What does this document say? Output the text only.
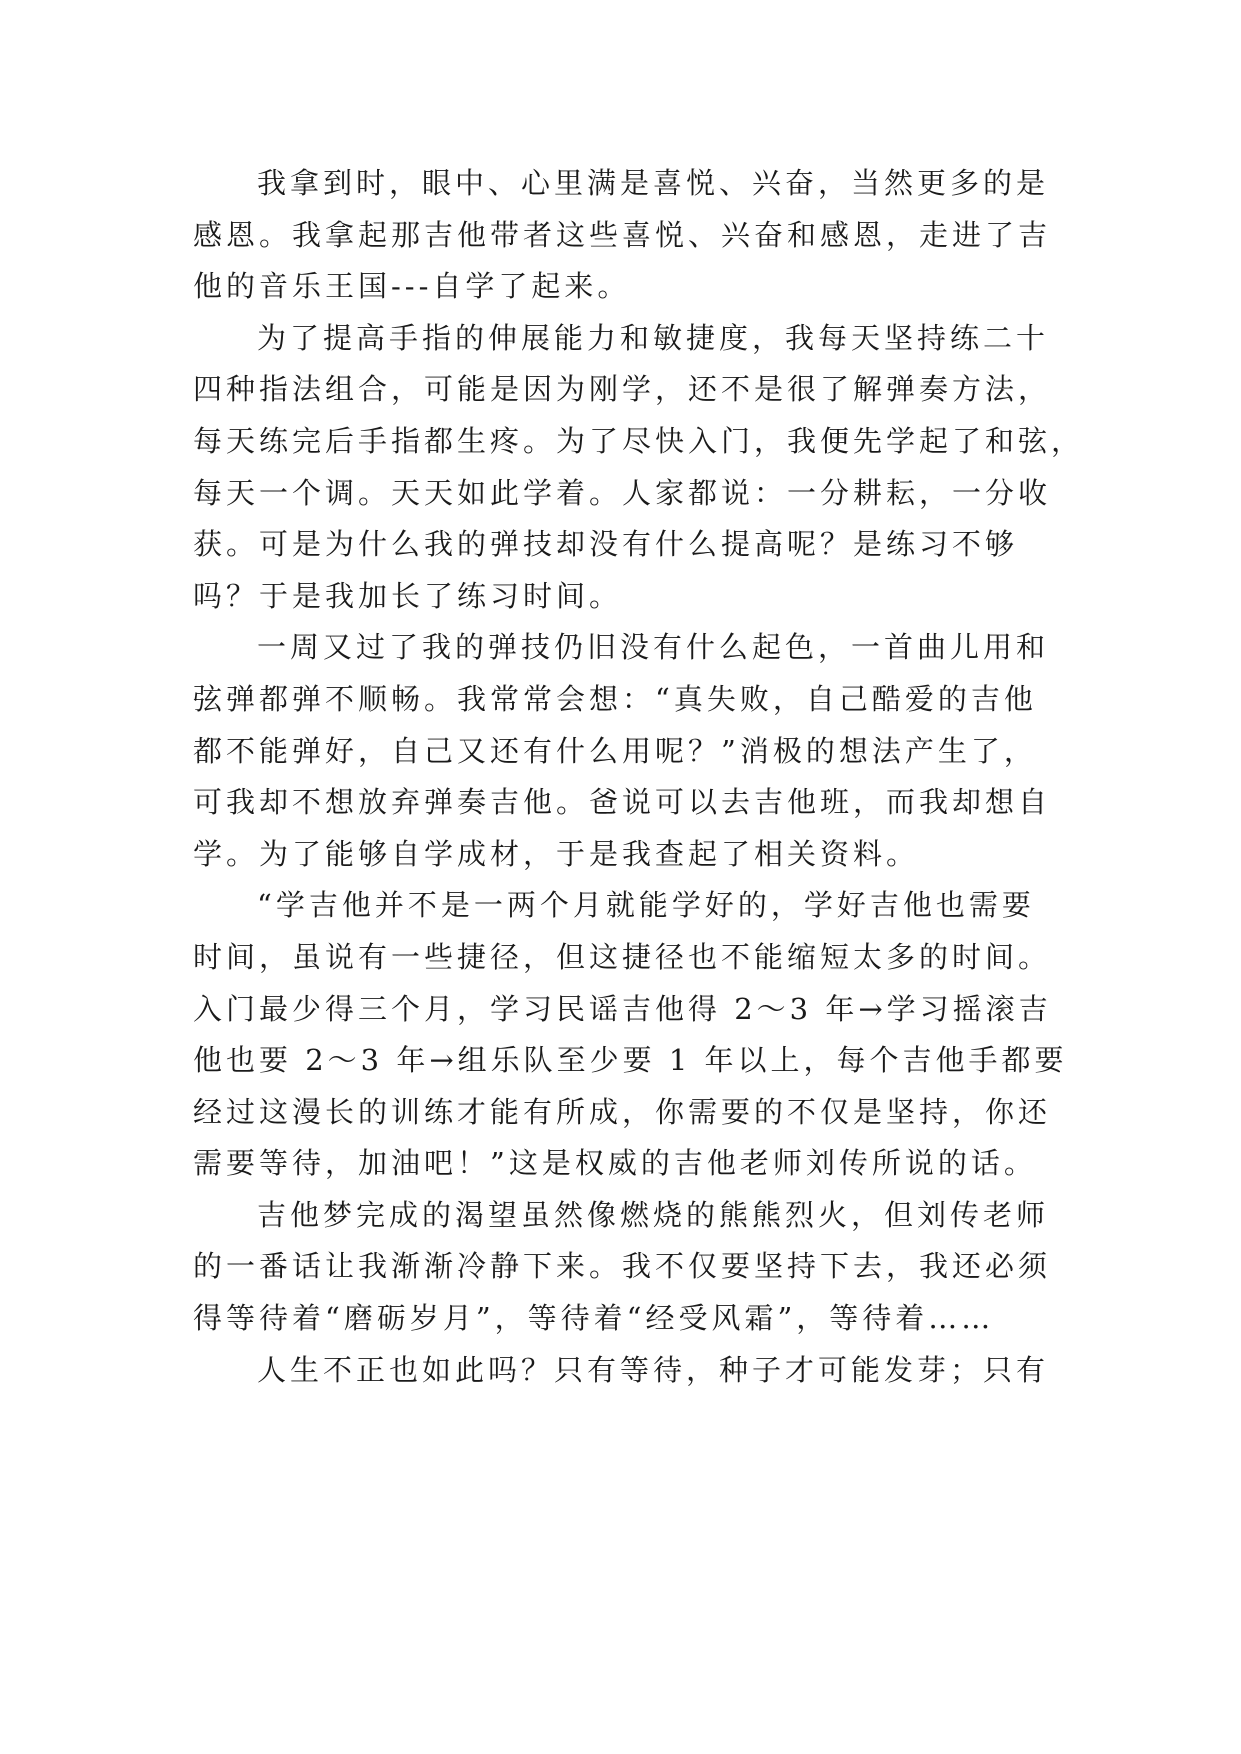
我拿到时，眼中、心里满是喜悦、兴奋，当然更多的是
感恩。我拿起那吉他带者这些喜悦、兴奋和感恩，走进了吉
他的音乐王国---自学了起来。
为了提高手指的伸展能力和敏捷度，我每天坚持练二十
四种指法组合，可能是因为刚学，还不是很了解弹奏方法，
每天练完后手指都生疼。为了尽快入门，我便先学起了和弦，
每天一个调。天天如此学着。人家都说：一分耕耘，一分收
获。可是为什么我的弹技却没有什么提高呢？是练习不够
吗？于是我加长了练习时间。
一周又过了我的弹技仍旧没有什么起色，一首曲儿用和
弦弹都弹不顺畅。我常常会想：“真失败，自己酷爱的吉他
都不能弹好，自己又还有什么用呢？”消极的想法产生了，
可我却不想放弃弹奏吉他。爸说可以去吉他班，而我却想自
学。为了能够自学成材，于是我查起了相关资料。
“学吉他并不是一两个月就能学好的，学好吉他也需要
时间，虽说有一些捷径，但这捷径也不能缩短太多的时间。
入门最少得三个月，学习民谣吉他得 2～3 年→学习摇滚吉
他也要 2～3 年→组乐队至少要 1 年以上，每个吉他手都要
经过这漫长的训练才能有所成，你需要的不仅是坚持，你还
需要等待，加油吧！”这是权威的吉他老师刘传所说的话。
吉他梦完成的渴望虽然像燃烧的熊熊烈火，但刘传老师
的一番话让我渐渐冷静下来。我不仅要坚持下去，我还必须
得等待着“磨砺岁月”，等待着“经受风霜”，等待着……
人生不正也如此吗？只有等待，种子才可能发芽；只有
